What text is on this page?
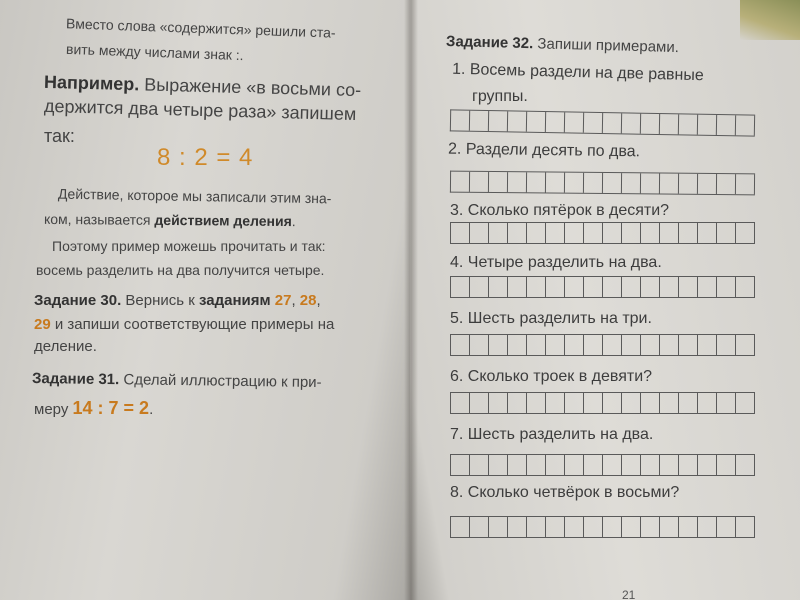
Вместо слова «содержится» решили ста-
вить между числами знак :.
Например. Выражение «в восьми со-
держится два четыре раза» запишем
так:
8 : 2 = 4
Действие, которое мы записали этим зна-
ком, называется действием деления.
Поэтому пример можешь прочитать и так:
восемь разделить на два получится четыре.
Задание 30. Вернись к заданиям 27, 28,
29 и запиши соответствующие примеры на
деление.
Задание 31. Сделай иллюстрацию к при-
меру 14 : 7 = 2.
Задание 32. Запиши примерами.
1. Восемь раздели на две равные
группы.
2. Раздели десять по два.
3. Сколько пятёрок в десяти?
4. Четыре разделить на два.
5. Шесть разделить на три.
6. Сколько троек в девяти?
7. Шесть разделить на два.
8. Сколько четвёрок в восьми?
21
